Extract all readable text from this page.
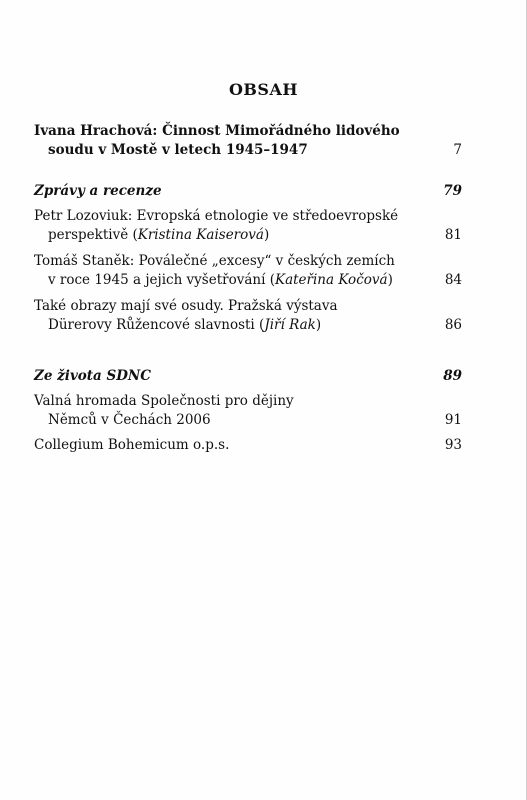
OBSAH
Ivana Hrachová: Činnost Mimořádného lidového
soudu v Mostě v letech 1945–1947	7
Zprávy a recenze	79
Petr Lozoviuk: Evropská etnologie ve středoevropské
perspektivě (Kristina Kaiserová)	81
Tomáš Staněk: Poválečné „excesy“ v českých zemích
v roce 1945 a jejich vyšetřování (Kateřina Kočová)	84
Také obrazy mají své osudy. Pražská výstava
Dürerovy Růžencové slavnosti (Jiří Rak)	86
Ze života SDNC	89
Valná hromada Společnosti pro dějiny
Němců v Čechách 2006	91
Collegium Bohemicum o.p.s.	93
